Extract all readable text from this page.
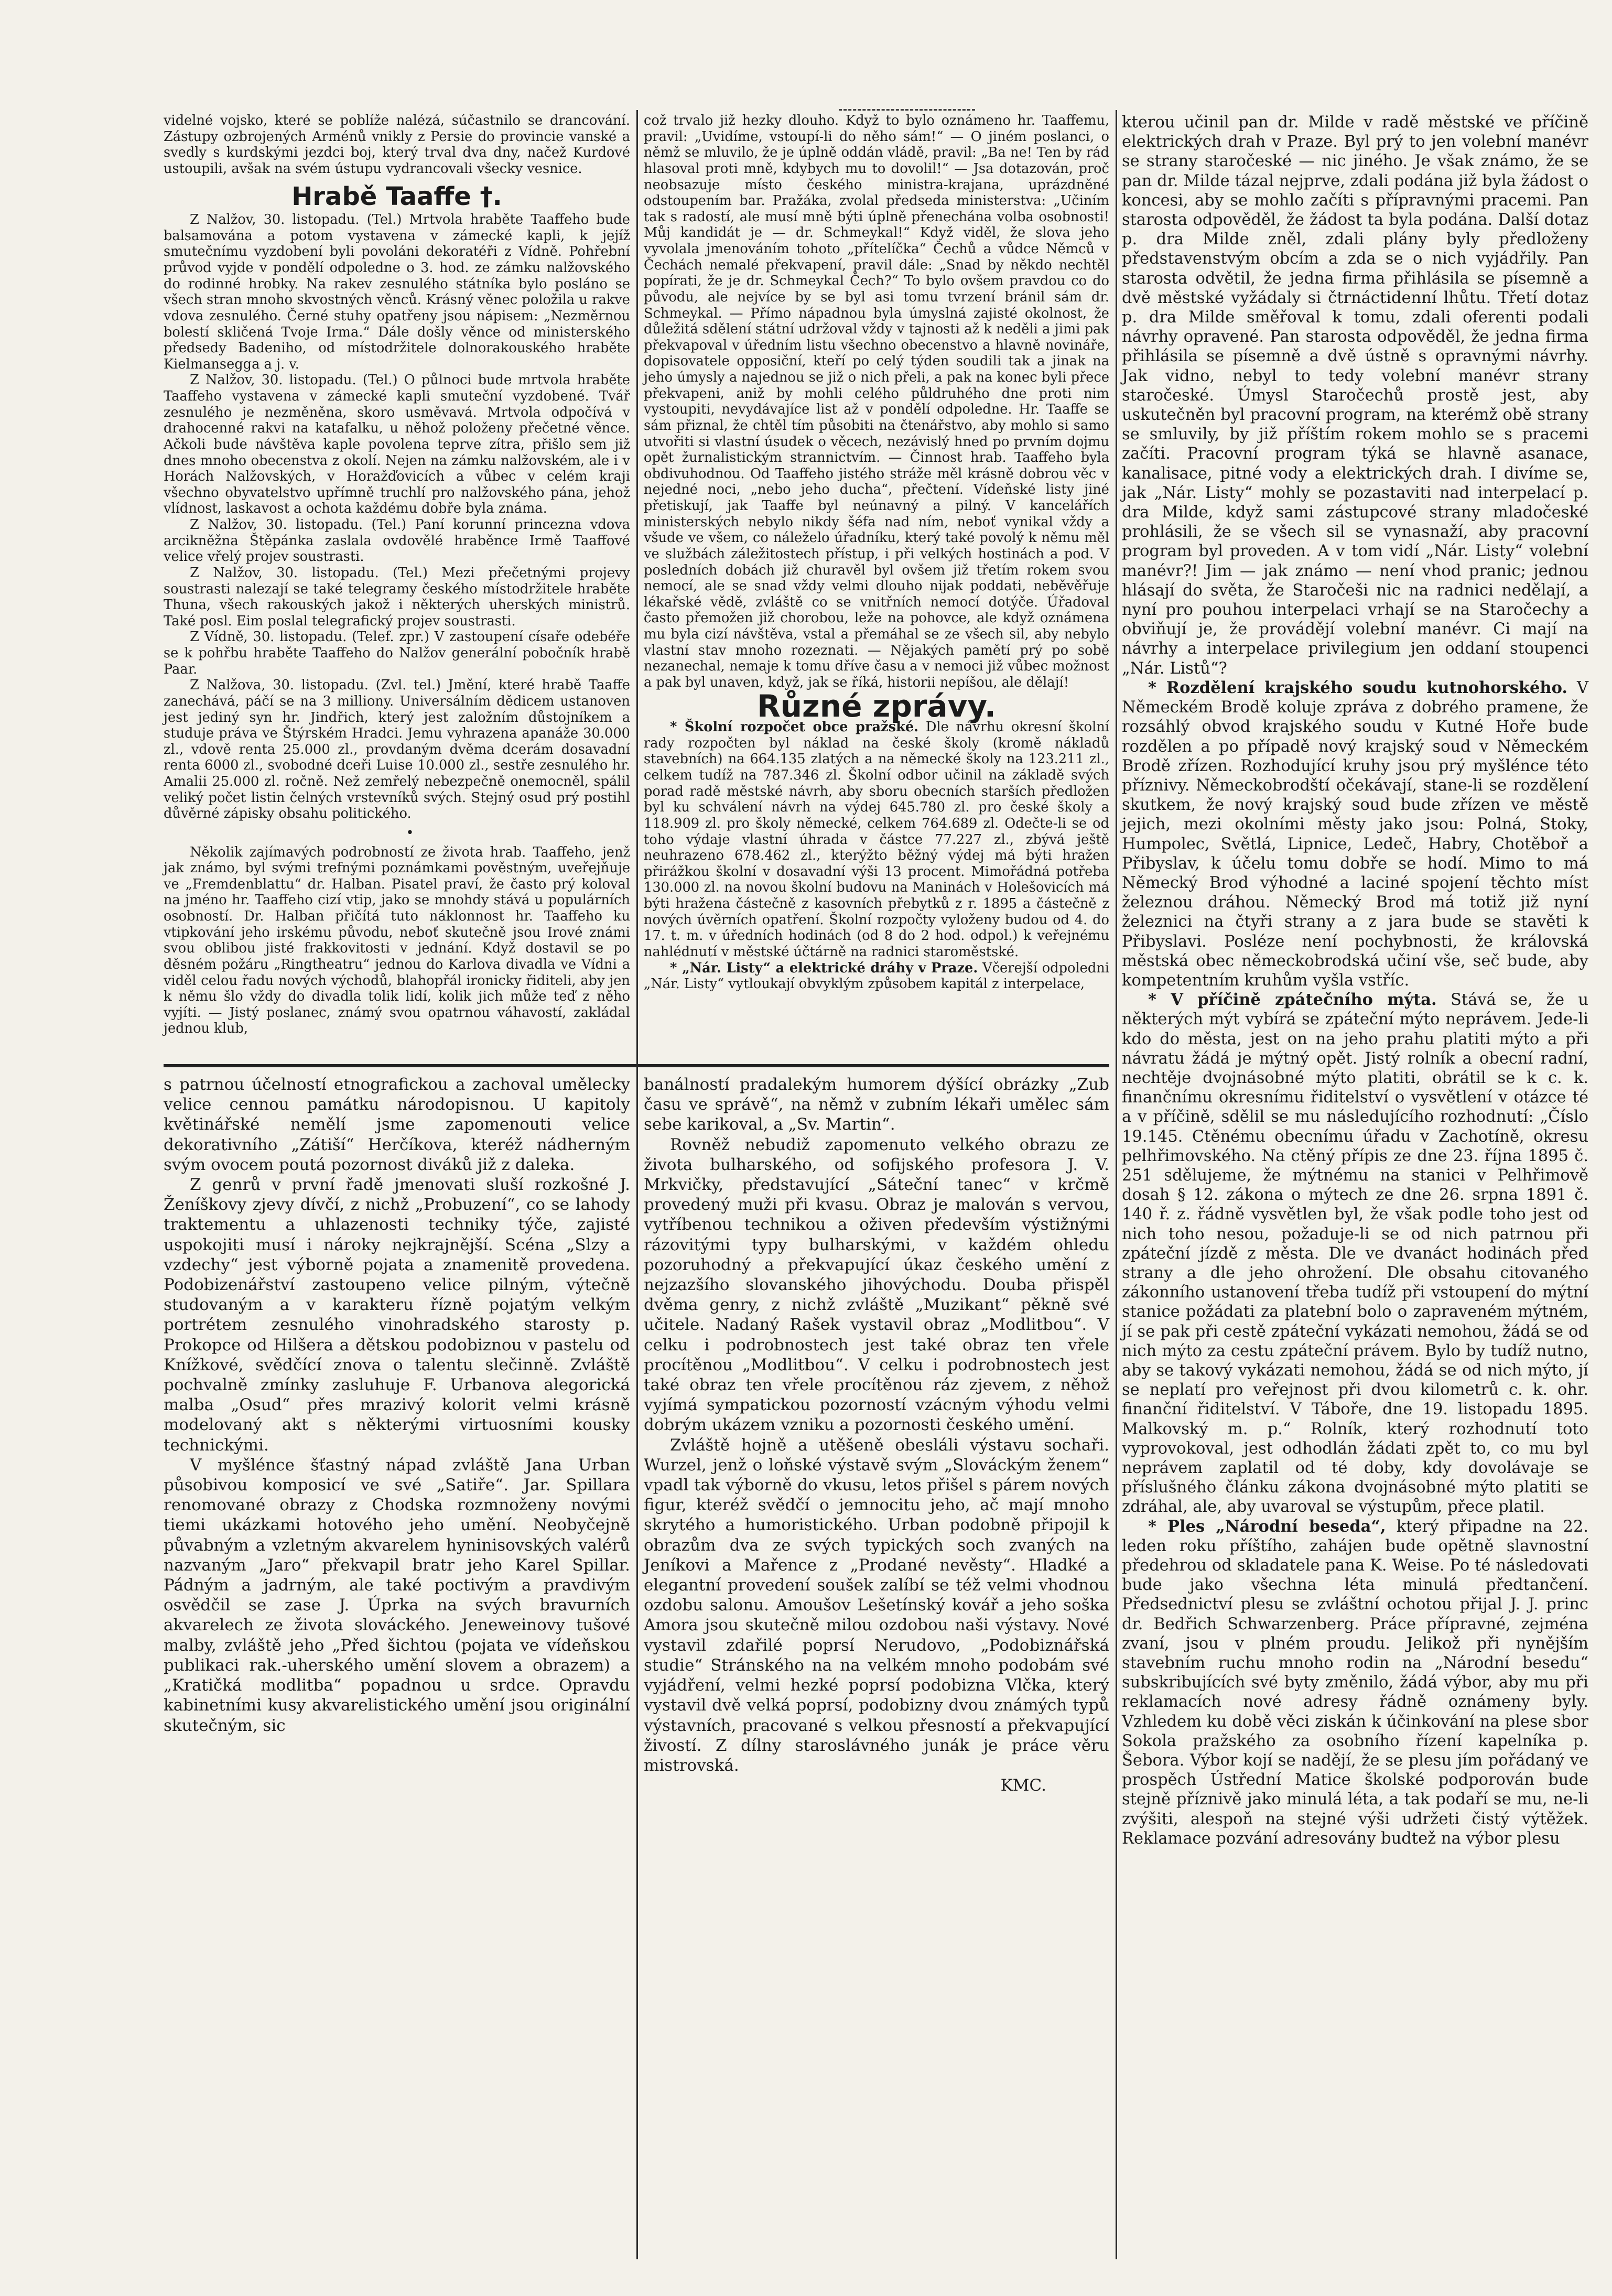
videlné vojsko, které se poblíže nalézá, súčastnilo se drancování. Zástupy ozbrojených Arménů vnikly z Persie do provincie vanské a svedly s kurdskými jezdci boj, který trval dva dny, načež Kurdové ustoupili, avšak na svém ústupu vydrancovali všecky vesnice.

Hrabě Taaffe †.

Z Nalžov, 30. listopadu. (Tel.) Mrtvola hraběte Taaffeho bude balsamována a potom vystavena v zámecké kapli, k jejíž smutečnímu vyzdobení byli povoláni dekoratéři z Vídně. Pohřební průvod vyjde v pondělí odpoledne o 3. hod. ze zámku nalžovského do rodinné hrobky. Na rakev zesnulého státníka bylo posláno se všech stran mnoho skvostných věnců. Krásný věnec položila u rakve vdova zesnulého. Černé stuhy opatřeny jsou nápisem: „Nezměrnou bolestí skličená Tvoje Irma.“ Dále došly věnce od ministerského předsedy Badeniho, od místodržitele dolnorakouského hraběte Kielmanseggа a j. v.

Z Nalžov, 30. listopadu. (Tel.) O půlnoci bude mrtvola hraběte Taaffeho vystavena v zámecké kapli smuteční vyzdobené. Tvář zesnulého je nezměněna, skoro usměvavá. Mrtvola odpočívá v drahocenné rakvi na katafalku, u něhož položeny přečetné věnce. Ačkoli bude návštěva kaple povolena teprve zítra, přišlo sem již dnes mnoho obecenstva z okolí. Nejen na zámku nalžovském, ale i v Horách Nalžovských, v Horažďovicích a vůbec v celém kraji všechno obyvatelstvo upřímně truchlí pro nalžovského pána, jehož vlídnost, laskavost a ochota každému dobře byla známa.

Z Nalžov, 30. listopadu. (Tel.) Paní korunní princezna vdova arcikněžna Štěpánka zaslala ovdovělé hraběnce Irmě Taaffové velice vřelý projev soustrasti.

Z Nalžov, 30. listopadu. (Tel.) Mezi přečetnými projevy soustrasti nalezají se také telegramy českého místodržitele hraběte Thuna, všech rakouských jakož i některých uherských ministrů. Také posl. Eim poslal telegrafický projev soustrasti.

Z Vídně, 30. listopadu. (Telef. zpr.) V zastoupení císaře odebéře se k pohřbu hraběte Taaffeho do Nalžov generální pobočník hrabě Paar.

Z Nalžova, 30. listopadu. (Zvl. tel.) Jmění, které hrabě Taaffe zanechává, páčí se na 3 milliony. Universálním dědicem ustanoven jest jediný syn hr. Jindřich, který jest založním důstojníkem a studuje práva ve Štýrském Hradci. Jemu vyhrazena apanáže 30.000 zl., vdově renta 25.000 zl., provdaným dvěma dcerám dosavadní renta 6000 zl., svobodné dceři Luise 10.000 zl., sestře zesnulého hr. Amalii 25.000 zl. ročně. Než zemřelý nebezpečně onemocněl, spálil veliký počet listin čelných vrstevníků svých. Stejný osud prý postihl důvěrné zápisky obsahu politického.

•

Několik zajímavých podrobností ze života hrab. Taaffeho, jenž jak známo, byl svými trefnými poznámkami pověstným, uveřejňuje ve „Fremdenblattu“ dr. Halban. Pisatel praví, že často prý koloval na jméno hr. Taaffeho cizí vtip, jako se mnohdy stává u populárních osobností. Dr. Halban přičítá tuto náklonnost hr. Taaffeho ku vtipkování jeho irskému původu, neboť skutečně jsou Irové známi svou oblibou jisté frakkovitosti v jednání. Když dostavil se po děsném požáru „Ringtheatru“ jednou do Karlova divadla ve Vídni a viděl celou řadu nových východů, blahopřál ironicky řiditeli, aby jen k němu šlo vždy do divadla tolik lidí, kolik jich může teď z něho vyjíti. — Jistý poslanec, známý svou opatrnou váhavostí, zakládal jednou klub,

což trvalo již hezky dlouho. Když to bylo oznámeno hr. Taaffemu, pravil: „Uvidíme, vstoupí-li do něho sám!“ — O jiném poslanci, o němž se mluvilo, že je úplně oddán vládě, pravil: „Ba ne! Ten by rád hlasoval proti mně, kdybych mu to dovolil!“ — Jsa dotazován, proč neobsazuje místo českého ministra-krajana, uprázdněné odstoupením bar. Pražáka, zvolal předseda ministerstva: „Učiním tak s radostí, ale musí mně býti úplně přenechána volba osobnosti! Můj kandidát je — dr. Schmeykal!“ Když viděl, že slova jeho vyvolala jmenováním tohoto „přítelíčka“ Čechů a vůdce Němců v Čechách nemalé překvapení, pravil dále: „Snad by někdo nechtěl popírati, že je dr. Schmeykal Čech?“ To bylo ovšem pravdou co do původu, ale nejvíce by se byl asi tomu tvrzení bránil sám dr. Schmeykal. — Přímo nápadnou byla úmyslná zajisté okolnost, že důležitá sdělení státní udržoval vždy v tajnosti až k neděli a jimi pak překvapoval v úředním listu všechno obecenstvo a hlavně novináře, dopisovatele opposiční, kteří po celý týden soudili tak a jinak na jeho úmysly a najednou se již o nich přeli, a pak na konec byli přece překvapeni, aniž by mohli celého půldruhého dne proti nim vystoupiti, nevydávajíce list až v pondělí odpoledne. Hr. Taaffe se sám přiznal, že chtěl tím působiti na čtenářstvo, aby mohlo si samo utvořiti si vlastní úsudek o věcech, nezávislý hned po prvním dojmu opět žurnalistickým strannictvím. — Činnost hrab. Taaffeho byla obdivuhodnou. Od Taaffeho jistého stráže měl krásně dobrou věc v nejedné noci, „nebo jeho ducha“, přečtení. Vídeňské listy jiné přetiskují, jak Taaffe byl neúnavný a pilný. V kancelářích ministerských nebylo nikdy šéfa nad ním, neboť vynikal vždy a všude ve všem, co náleželo úřadníku, který také povolý k němu měl ve službách záležitostech přístup, i při velkých hostinách a pod. V posledních dobách již churavěl byl ovšem již třetím rokem svou nemocí, ale se snad vždy velmi dlouho nijak poddati, neběvěřuje lékařské vědě, zvláště co se vnitřních nemocí dotýče. Úřadoval často přemožen již chorobou, leže na pohovce, ale když oznámena mu byla cizí návštěva, vstal a přemáhal se ze všech sil, aby nebylo vlastní stav mnoho rozeznati. — Nějakých pamětí prý po sobě nezanechal, nemaje k tomu dříve času a v nemoci již vůbec možnost a pak byl unaven, když, jak se říká, historii nepíšou, ale dělají!

Různé zprávy.

* Školní rozpočet obce pražské. Dle návrhu okresní školní rady rozpočten byl náklad na české školy (kromě nákladů stavebních) na 664.135 zlatých a na německé školy na 123.211 zl., celkem tudíž na 787.346 zl. Školní odbor učinil na základě svých porad radě městské návrh, aby sboru obecních starších předložen byl ku schválení návrh na výdej 645.780 zl. pro české školy a 118.909 zl. pro školy německé, celkem 764.689 zl. Odečte-li se od toho výdaje vlastní úhrada v částce 77.227 zl., zbývá ještě neuhrazeno 678.462 zl., kterýžto běžný výdej má býti hražen přirážkou školní v dosavadní výši 13 procent. Mimořádná potřeba 130.000 zl. na novou školní budovu na Maninách v Holešovicích má býti hražena částečně z kasovních přebytků z r. 1895 a částečně z nových úvěrních opatření. Školní rozpočty vyloženy budou od 4. do 17. t. m. v úředních hodinách (od 8 do 2 hod. odpol.) k veřejnému nahlédnutí v městské účtárně na radnici staroměstské.

* „Nár. Listy“ a elektrické dráhy v Praze. Včerejší odpoledni „Nár. Listy“ vytloukají obvyklým způsobem kapitál z interpelace,

kterou učinil pan dr. Milde v radě městské ve příčině elektrických drah v Praze. Byl prý to jen volební manévr se strany staročeské — nic jiného. Je však známo, že se pan dr. Milde tázal nejprve, zdali podána již byla žádost o koncesi, aby se mohlo začíti s přípravnými pracemi. Pan starosta odpověděl, že žádost ta byla podána. Další dotaz p. dra Milde zněl, zdali plány byly předloženy představenstvým obcím a zda se o nich vyjádřily. Pan starosta odvětil, že jedna firma přihlásila se písemně a dvě městské vyžádaly si čtrnáctidenní lhůtu. Třetí dotaz p. dra Milde směřoval k tomu, zdali oferenti podali návrhy opravené. Pan starosta odpověděl, že jedna firma přihlásila se písemně a dvě ústně s opravnými návrhy. Jak vidno, nebyl to tedy volební manévr strany staročeské. Úmysl Staročechů prostě jest, aby uskutečněn byl pracovní program, na kterémž obě strany se smluvily, by již příštím rokem mohlo se s pracemi začíti. Pracovní program týká se hlavně asanace, kanalisace, pitné vody a elektrických drah. I divíme se, jak „Nár. Listy“ mohly se pozastaviti nad interpelací p. dra Milde, když sami zástupcové strany mladočeské prohlásili, že se všech sil se vynasnaží, aby pracovní program byl proveden. A v tom vidí „Nár. Listy“ volební manévr?! Jim — jak známo — není vhod pranic; jednou hlásají do světa, že Staročeši nic na radnici nedělají, a nyní pro pouhou interpelaci vrhají se na Staročechy a obviňují je, že provádějí volební manévr. Ci mají na návrhy a interpelace privilegium jen oddaní stoupenci „Nár. Listů“?

* Rozdělení krajského soudu kutnohorského. V Německém Brodě koluje zpráva z dobrého pramene, že rozsáhlý obvod krajského soudu v Kutné Hoře bude rozdělen a po případě nový krajský soud v Německém Brodě zřízen. Rozhodující kruhy jsou prý myšlénce této příznivy. Německobrodští očekávají, stane-li se rozdělení skutkem, že nový krajský soud bude zřízen ve městě jejich, mezi okolními městy jako jsou: Polná, Stoky, Humpolec, Světlá, Lipnice, Ledeč, Habry, Chotěboř a Přibyslav, k účelu tomu dobře se hodí. Mimo to má Německý Brod výhodné a laciné spojení těchto míst železnou dráhou. Německý Brod má totiž již nyní železnici na čtyři strany a z jara bude se stavěti k Přibyslavi. Posléze není pochybnosti, že královská městská obec německobrodská učiní vše, seč bude, aby kompetentním kruhům vyšla vstříc.

* V příčině zpátečního mýta. Stává se, že u některých mýt vybírá se zpáteční mýto neprávem. Jede-li kdo do města, jest on na jeho prahu platiti mýto a při návratu žádá je mýtný opět. Jistý rolník a obecní radní, nechtěje dvojnásobné mýto platiti, obrátil se k c. k. finančnímu okresnímu řiditelství o vysvětlení v otázce té a v příčině, sdělil se mu následujícího rozhodnutí: „Číslo 19.145. Ctěnému obecnímu úřadu v Zachotíně, okresu pelhřimovského. Na ctěný přípis ze dne 23. října 1895 č. 251 sdělujeme, že mýtnému na stanici v Pelhřimově dosah § 12. zákona o mýtech ze dne 26. srpna 1891 č. 140 ř. z. řádně vysvětlen byl, že však podle toho jest od nich toho nesou, požaduje-li se od nich patrnou při zpáteční jízdě z města. Dle ve dvanáct hodinách před strany a dle jeho ohrožení. Dle obsahu citovaného zákonního ustanovení třeba tudíž při vstoupení do mýtní stanice požádati za platební bolo o zapraveném mýtném, jí se pak při cestě zpáteční vykázati nemohou, žádá se od nich mýto za cestu zpáteční právem. Bylo by tudíž nutno, aby se takový vykázati nemohou, žádá se od nich mýto, jí se neplatí pro veřejnost při dvou kilometrů c. k. ohr. finanční řiditelství. V Táboře, dne 19. listopadu 1895. Malkovský m. p.“ Rolník, který rozhodnutí toto vyprovokoval, jest odhodlán žádati zpět to, co mu byl neprávem zaplatil od té doby, kdy dovolávaje se příslušného článku zákona dvojnásobné mýto platiti se zdráhal, ale, aby uvaroval se výstupům, přece platil.

* Ples „Národní beseda“, který připadne na 22. leden roku příštího, zahájen bude opětně slavnostní předehrou od skladatele pana K. Weise. Po té následovati bude jako všechna léta minulá předtančení. Předsednictví plesu se zvláštní ochotou přijal J. J. princ dr. Bedřich Schwarzenberg. Práce přípravné, zejména zvaní, jsou v plném proudu. Jelikož při nynějším stavebním ruchu mnoho rodin na „Národní besedu“ subskribujících své byty změnilo, žádá výbor, aby mu při reklamacích nové adresy řádně oznámeny byly. Vzhledem ku době věci ziskán k účinkování na plese sbor Sokola pražského za osobního řízení kapelníka p. Šebora. Výbor kojí se nadějí, že se plesu jím pořádaný ve prospěch Ústřední Matice školské podporován bude stejně příznivě jako minulá léta, a tak podaří se mu, ne-li zvýšiti, alespoň na stejné výši udržeti čistý výtěžek. Reklamace pozvání adresovány budtež na výbor plesu

s patrnou účelností etnografickou a zachoval umělecky velice cennou památku národopisnou. U kapitoly květinářské nemělí jsme zapomenouti velice dekorativního „Zátiší“ Herčíkova, kteréž nádherným svým ovocem poutá pozornost diváků již z daleka.

Z genrů v první řadě jmenovati sluší rozkošné J. Ženíškovy zjevy dívčí, z nichž „Probuzení“, co se lahody traktementu a uhlazenosti techniky týče, zajisté uspokojiti musí i nároky nejkrajnější. Scéna „Slzy a vzdechy“ jest výborně pojata a znamenitě provedena. Podobizenářství zastoupeno velice pilným, výtečně studovaným a v karakteru řízně pojatým velkým portrétem zesnulého vinohradského starosty p. Prokopce od Hilšera a dětskou podobiznou v pastelu od Knížkové, svědčící znova o talentu slečinně. Zvláště pochvalně zmínky zasluhuje F. Urbanova alegorická malba „Osud“ přes mrazivý kolorit velmi krásně modelovaný akt s některými virtuosními kousky technickými.

V myšlénce šťastný nápad zvláště Jana Urban působivou komposicí ve své „Satiře“. Jar. Spillara renomované obrazy z Chodska rozmnoženy novými tiemi ukázkami hotového jeho umění. Neobyčejně půvabným a vzletným akvarelem hyninisovských valérů nazvaným „Jaro“ překvapil bratr jeho Karel Spillar. Pádným a jadrným, ale také poctivým a pravdivým osvědčil se zase J. Úprka na svých bravurních akvarelech ze života slováckého. Jeneweinovy tušové malby, zvláště jeho „Před šichtou (pojata ve vídeňskou publikaci rak.-uherského umění slovem a obrazem) a „Kratičká modlitba“ popadnou u srdce. Opravdu kabinetními kusy akvarelistického umění jsou originální skutečným, sic

banálností pradalekým humorem dýšící obrázky „Zub času ve správě“, na němž v zubním lékaři umělec sám sebe karikoval, a „Sv. Martin“.

Rovněž nebudiž zapomenuto velkého obrazu ze života bulharského, od sofijského profesora J. V. Mrkvičky, představující „Sáteční tanec“ v krčmě provedený muži při kvasu. Obraz je malován s vervou, vytříbenou technikou a oživen především výstižnými rázovitými typy bulharskými, v každém ohledu pozoruhodný a překvapující úkaz českého umění z nejzazšího slovanského jihovýchodu. Douba přispěl dvěma genry, z nichž zvláště „Muzikant“ pěkně své učitele. Nadaný Rašek vystavil obraz „Modlitbou“. V celku i podrobnostech jest také obraz ten vřele procítěnou „Modlitbou“. V celku i podrobnostech jest také obraz ten vřele procítěnou ráz zjevem, z něhož vyjímá sympatickou pozorností vzácným výhodu velmi dobrým ukázem vzniku a pozornosti českého umění.

Zvláště hojně a utěšeně obesláli výstavu sochaři. Wurzel, jenž o loňské výstavě svým „Slováckým ženem“ vpadl tak výborně do vkusu, letos přišel s párem nových figur, kteréž svědčí o jemnocitu jeho, ač mají mnoho skrytého a humoristického. Urban podobně připojil k obrazům dva ze svých typických soch zvaných na Jeníkovi a Mařence z „Prodané nevěsty“. Hladké a elegantní provedení soušek zalíbí se též velmi vhodnou ozdobu salonu. Amoušov Lešetínský kovář a jeho soška Amora jsou skutečně milou ozdobou naši výstavy. Nové vystavil zdařilé poprsí Nerudovo, „Podobiznářská studie“ Stránského na na velkém mnoho podobám své vyjádření, velmi hezké poprsí podobizna Vlčka, který vystavil dvě velká poprsí, podobizny dvou známých typů výstavních, pracované s velkou přesností a překvapující živostí. Z dílny staroslávného junák je práce věru mistrovská.

KMC.
